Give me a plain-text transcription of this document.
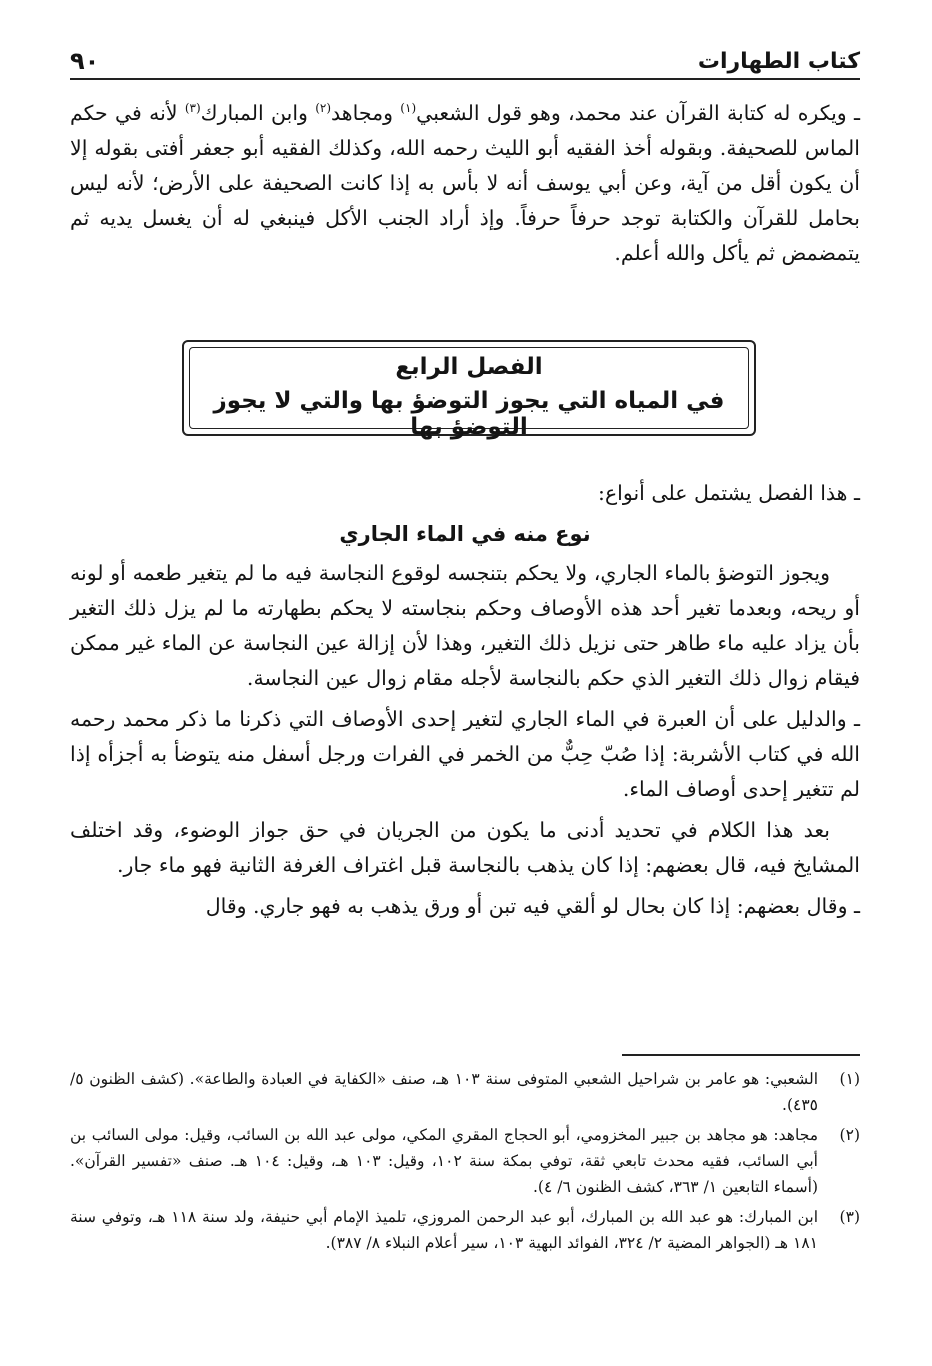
كتاب الطهارات
٩٠

ـ ويكره له كتابة القرآن عند محمد، وهو قول الشعبي$^{(١)}$ ومجاهد$^{(٢)}$ وابن المبارك$^{(٣)}$ لأنه في حكم الماس للصحيفة. وبقوله أخذ الفقيه أبو الليث رحمه الله، وكذلك الفقيه أبو جعفر أفتى بقوله إلا أن يكون أقل من آية، وعن أبي يوسف أنه لا بأس به إذا كانت الصحيفة على الأرض؛ لأنه ليس بحامل للقرآن والكتابة توجد حرفاً حرفاً. وإذ أراد الجنب الأكل فينبغي له أن يغسل يديه ثم يتمضمض ثم يأكل والله أعلم.

الفصل الرابع
في المياه التي يجوز التوضؤ بها والتي لا يجوز التوضؤ بها

ـ هذا الفصل يشتمل على أنواع:

نوع منه في الماء الجاري

ويجوز التوضؤ بالماء الجاري، ولا يحكم بتنجسه لوقوع النجاسة فيه ما لم يتغير طعمه أو لونه أو ريحه، وبعدما تغير أحد هذه الأوصاف وحكم بنجاسته لا يحكم بطهارته ما لم يزل ذلك التغير بأن يزاد عليه ماء طاهر حتى نزيل ذلك التغير، وهذا لأن إزالة عين النجاسة عن الماء غير ممكن فيقام زوال ذلك التغير الذي حكم بالنجاسة لأجله مقام زوال عين النجاسة.

ـ والدليل على أن العبرة في الماء الجاري لتغير إحدى الأوصاف التي ذكرنا ما ذكر محمد رحمه الله في كتاب الأشربة: إذا صُبّ حِبٌّ من الخمر في الفرات ورجل أسفل منه يتوضأ به أجزأه إذا لم تتغير إحدى أوصاف الماء.

بعد هذا الكلام في تحديد أدنى ما يكون من الجريان في حق جواز الوضوء، وقد اختلف المشايخ فيه، قال بعضهم: إذا كان يذهب بالنجاسة قبل اغتراف الغرفة الثانية فهو ماء جار.

ـ وقال بعضهم: إذا كان بحال لو ألقي فيه تبن أو ورق يذهب به فهو جاري. وقال

(١)
الشعبي: هو عامر بن شراحيل الشعبي المتوفى سنة ١٠٣ هـ، صنف «الكفاية في العبادة والطاعة». (كشف الظنون ٥/ ٤٣٥).
(٢)
مجاهد: هو مجاهد بن جبير المخزومي، أبو الحجاج المقري المكي، مولى عبد الله بن السائب، وقيل: مولى السائب بن أبي السائب، فقيه محدث تابعي ثقة، توفي بمكة سنة ١٠٢، وقيل: ١٠٣ هـ، وقيل: ١٠٤ هـ. صنف «تفسير القرآن». (أسماء التابعين ١/ ٣٦٣، كشف الظنون ٦/ ٤).
(٣)
ابن المبارك: هو عبد الله بن المبارك، أبو عبد الرحمن المروزي، تلميذ الإمام أبي حنيفة، ولد سنة ١١٨ هـ، وتوفي سنة ١٨١ هـ (الجواهر المضية ٢/ ٣٢٤، الفوائد البهية ١٠٣، سير أعلام النبلاء ٨/ ٣٨٧).
